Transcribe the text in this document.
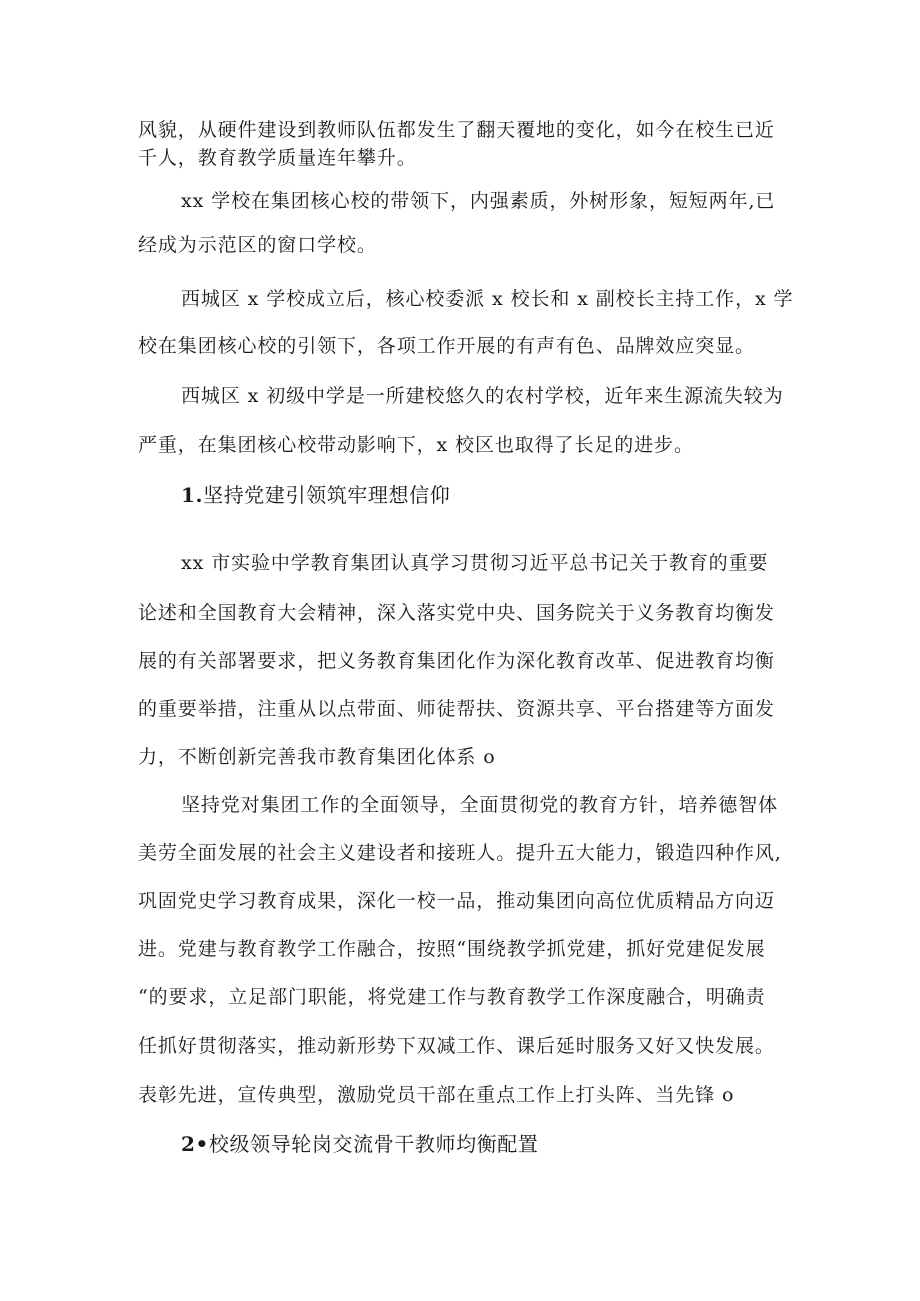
风貌，从硬件建设到教师队伍都发生了翻天覆地的变化，如今在校生已近
千人，教育教学质量连年攀升。
xx 学校在集团核心校的带领下，内强素质，外树形象，短短两年,已
经成为示范区的窗口学校。
西城区 x 学校成立后，核心校委派 x 校长和 x 副校长主持工作，x 学
校在集团核心校的引领下，各项工作开展的有声有色、品牌效应突显。
西城区 x 初级中学是一所建校悠久的农村学校，近年来生源流失较为
严重，在集团核心校带动影响下，x 校区也取得了长足的进步。
1.坚持党建引领筑牢理想信仰
xx 市实验中学教育集团认真学习贯彻习近平总书记关于教育的重要
论述和全国教育大会精神，深入落实党中央、国务院关于义务教育均衡发
展的有关部署要求，把义务教育集团化作为深化教育改革、促进教育均衡
的重要举措，注重从以点带面、师徒帮扶、资源共享、平台搭建等方面发
力，不断创新完善我市教育集团化体系 o
坚持党对集团工作的全面领导，全面贯彻党的教育方针，培养德智体
美劳全面发展的社会主义建设者和接班人。提升五大能力，锻造四种作风,
巩固党史学习教育成果，深化一校一品，推动集团向高位优质精品方向迈
进。党建与教育教学工作融合，按照“围绕教学抓党建，抓好党建促发展
“的要求，立足部门职能，将党建工作与教育教学工作深度融合，明确责
任抓好贯彻落实，推动新形势下双减工作、课后延时服务又好又快发展。
表彰先进，宣传典型，激励党员干部在重点工作上打头阵、当先锋 o
2•校级领导轮岗交流骨干教师均衡配置
